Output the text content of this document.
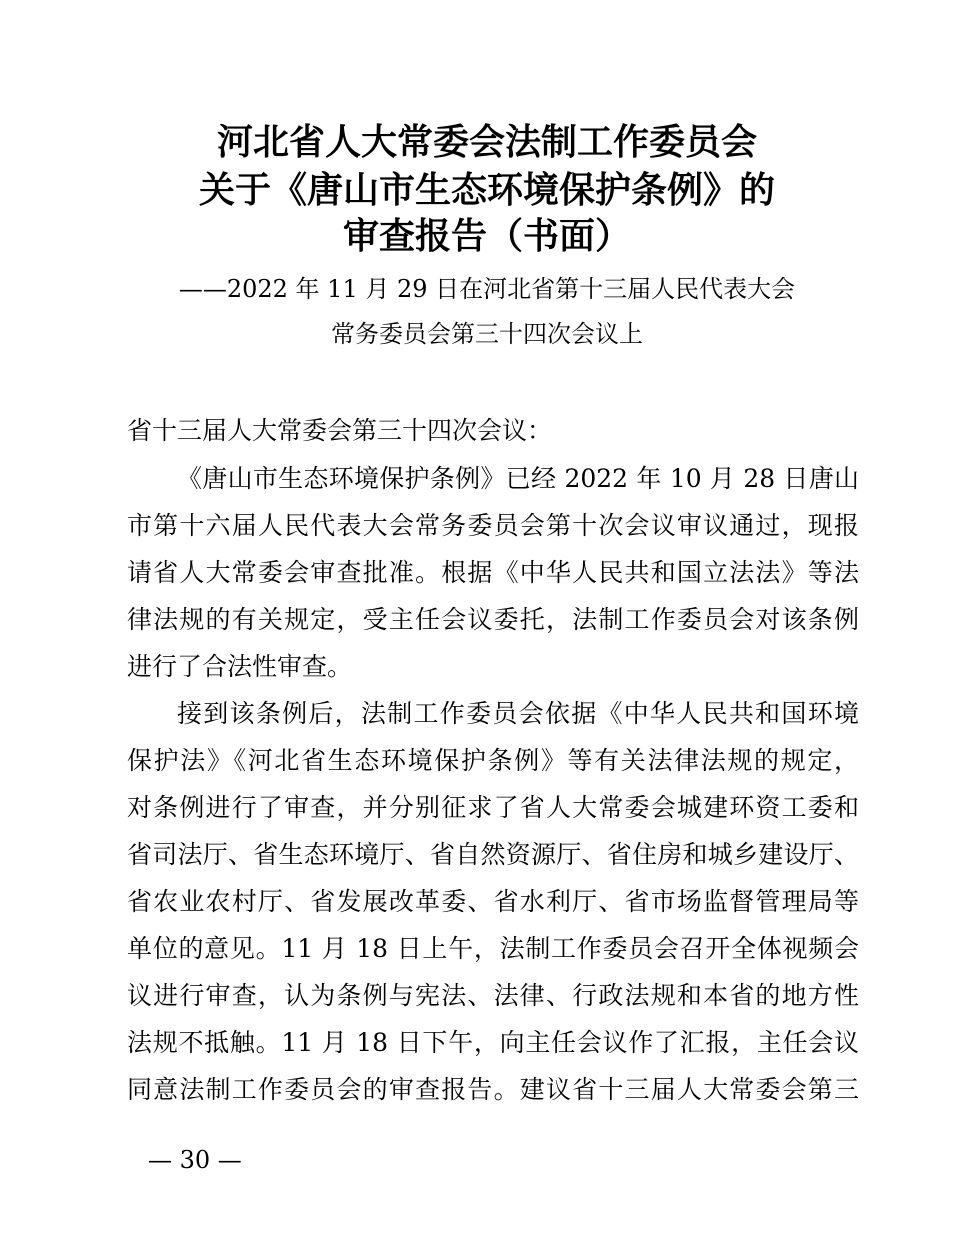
河北省人大常委会法制工作委员会
关于《唐山市生态环境保护条例》的
审查报告（书面）
——2022 年 11 月 29 日在河北省第十三届人民代表大会
常务委员会第三十四次会议上
省十三届人大常委会第三十四次会议：
《唐山市生态环境保护条例》已经 2022 年 10 月 28 日唐山
市第十六届人民代表大会常务委员会第十次会议审议通过，现报
请省人大常委会审查批准。根据《中华人民共和国立法法》等法
律法规的有关规定，受主任会议委托，法制工作委员会对该条例
进行了合法性审查。
接到该条例后，法制工作委员会依据《中华人民共和国环境
保护法》《河北省生态环境保护条例》等有关法律法规的规定，
对条例进行了审查，并分别征求了省人大常委会城建环资工委和
省司法厅、省生态环境厅、省自然资源厅、省住房和城乡建设厅、
省农业农村厅、省发展改革委、省水利厅、省市场监督管理局等
单位的意见。11 月 18 日上午，法制工作委员会召开全体视频会
议进行审查，认为条例与宪法、法律、行政法规和本省的地方性
法规不抵触。11 月 18 日下午，向主任会议作了汇报，主任会议
同意法制工作委员会的审查报告。建议省十三届人大常委会第三
— 30 —
